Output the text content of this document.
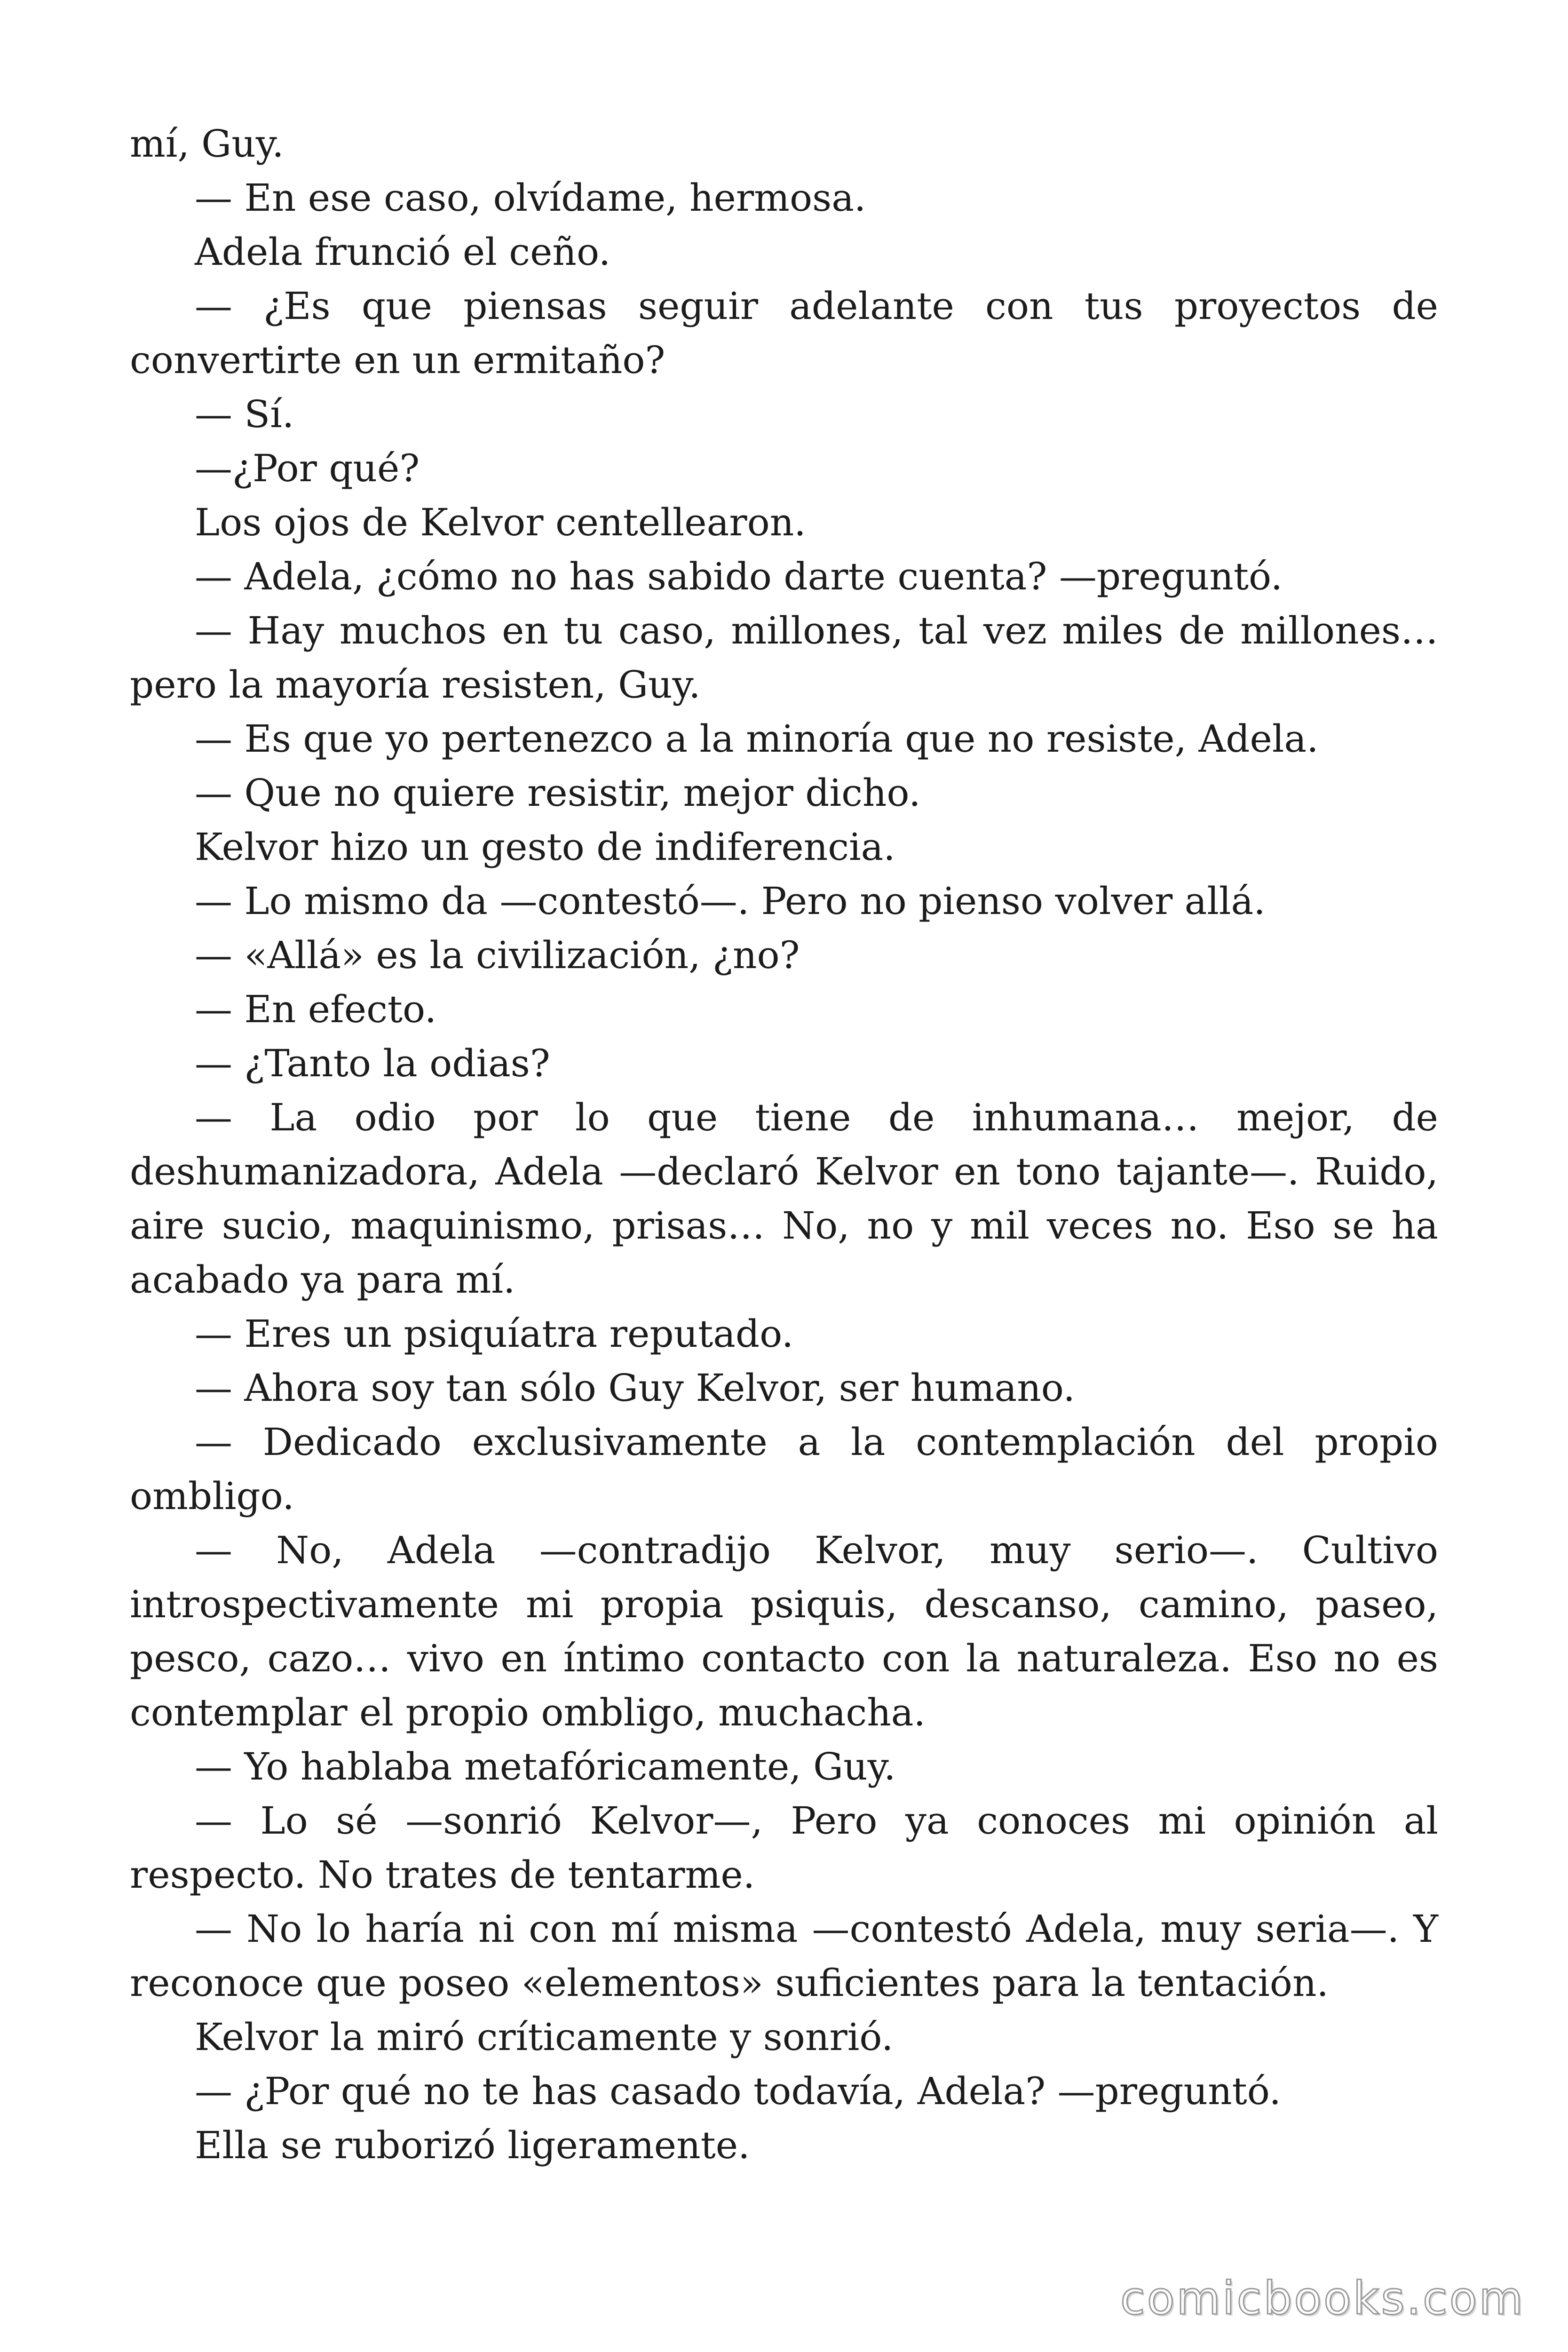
mí, Guy.

— En ese caso, olvídame, hermosa.

Adela frunció el ceño.

— ¿Es que piensas seguir adelante con tus proyectos de convertirte en un ermitaño?

— Sí.

—¿Por qué?

Los ojos de Kelvor centellearon.

— Adela, ¿cómo no has sabido darte cuenta? —preguntó.

— Hay muchos en tu caso, millones, tal vez miles de millones… pero la mayoría resisten, Guy.

— Es que yo pertenezco a la minoría que no resiste, Adela.

— Que no quiere resistir, mejor dicho.

Kelvor hizo un gesto de indiferencia.

— Lo mismo da —contestó—. Pero no pienso volver allá.

— «Allá» es la civilización, ¿no?

— En efecto.

— ¿Tanto la odias?

— La odio por lo que tiene de inhumana… mejor, de deshumanizadora, Adela —declaró Kelvor en tono tajante—. Ruido, aire sucio, maquinismo, prisas… No, no y mil veces no. Eso se ha acabado ya para mí.

— Eres un psiquíatra reputado.

— Ahora soy tan sólo Guy Kelvor, ser humano.

— Dedicado exclusivamente a la contemplación del propio ombligo.

— No, Adela —contradijo Kelvor, muy serio—. Cultivo introspectivamente mi propia psiquis, descanso, camino, paseo, pesco, cazo… vivo en íntimo contacto con la naturaleza. Eso no es contemplar el propio ombligo, muchacha.

— Yo hablaba metafóricamente, Guy.

— Lo sé —sonrió Kelvor—, Pero ya conoces mi opinión al respecto. No trates de tentarme.

— No lo haría ni con mí misma —contestó Adela, muy seria—. Y reconoce que poseo «elementos» suficientes para la tentación.

Kelvor la miró críticamente y sonrió.

— ¿Por qué no te has casado todavía, Adela? —preguntó.

Ella se ruborizó ligeramente.

comicbooks.com
